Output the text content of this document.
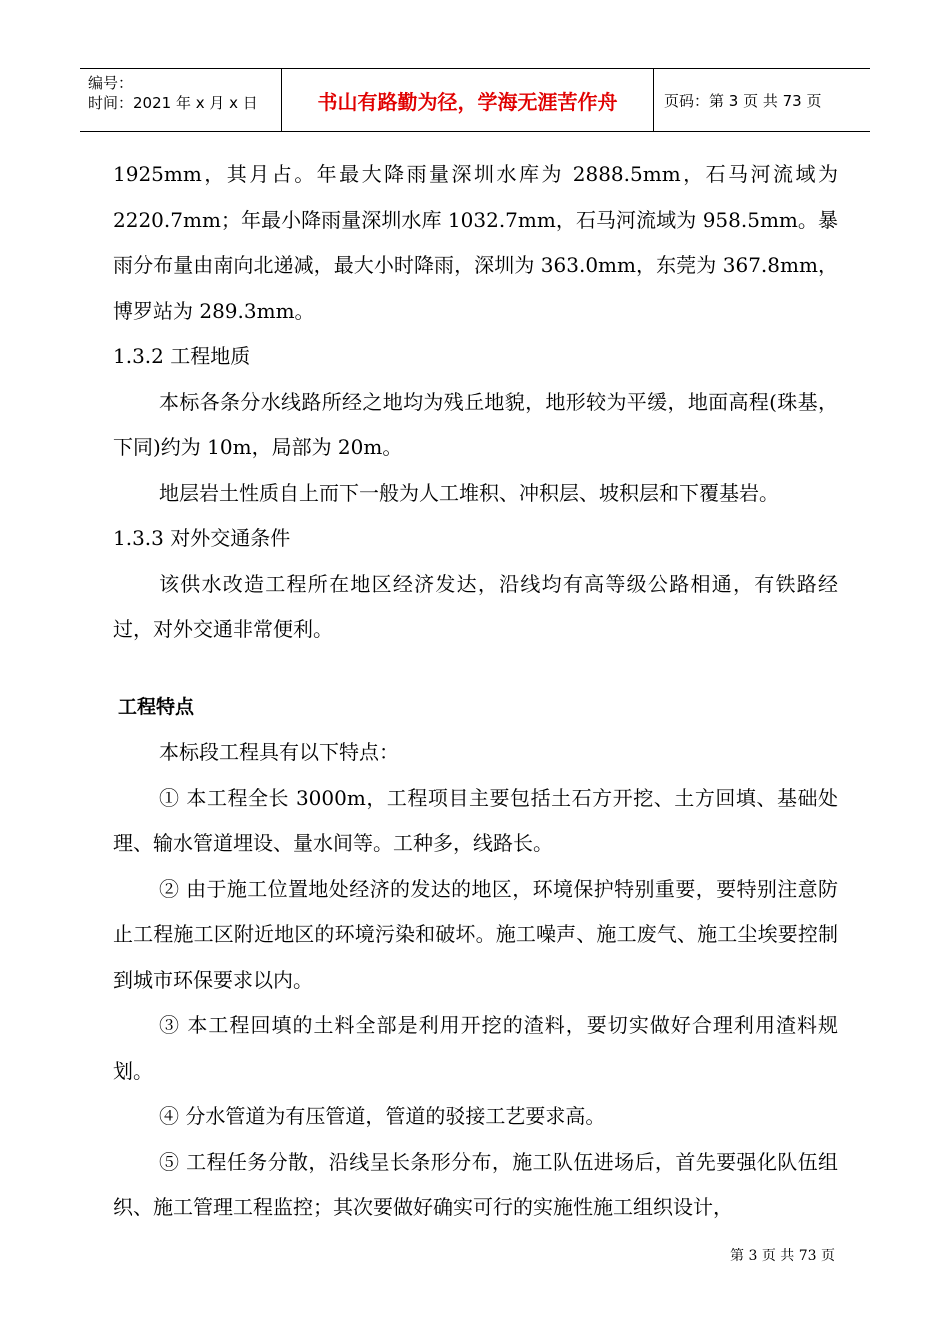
编号：
时间：2021 年 x 月 x 日	书山有路勤为径，学海无涯苦作舟	页码：第 3 页 共 73 页

1925mm，其月占。年最大降雨量深圳水库为 2888.5mm，石马河流域为 2220.7mm；年最小降雨量深圳水库 1032.7mm，石马河流域为 958.5mm。暴雨分布量由南向北递减，最大小时降雨，深圳为 363.0mm，东莞为 367.8mm，博罗站为 289.3mm。

1.3.2 工程地质

本标各条分水线路所经之地均为残丘地貌，地形较为平缓，地面高程(珠基，下同)约为 10m，局部为 20m。

地层岩土性质自上而下一般为人工堆积、冲积层、坡积层和下覆基岩。

1.3.3 对外交通条件

该供水改造工程所在地区经济发达，沿线均有高等级公路相通，有铁路经过，对外交通非常便利。

工程特点

本标段工程具有以下特点：

① 本工程全长 3000m，工程项目主要包括土石方开挖、土方回填、基础处理、输水管道埋设、量水间等。工种多，线路长。

② 由于施工位置地处经济的发达的地区，环境保护特别重要，要特别注意防止工程施工区附近地区的环境污染和破坏。施工噪声、施工废气、施工尘埃要控制到城市环保要求以内。

③ 本工程回填的土料全部是利用开挖的渣料，要切实做好合理利用渣料规划。

④ 分水管道为有压管道，管道的驳接工艺要求高。

⑤ 工程任务分散，沿线呈长条形分布，施工队伍进场后，首先要强化队伍组织、施工管理工程监控；其次要做好确实可行的实施性施工组织设计，

第 3 页 共 73 页
